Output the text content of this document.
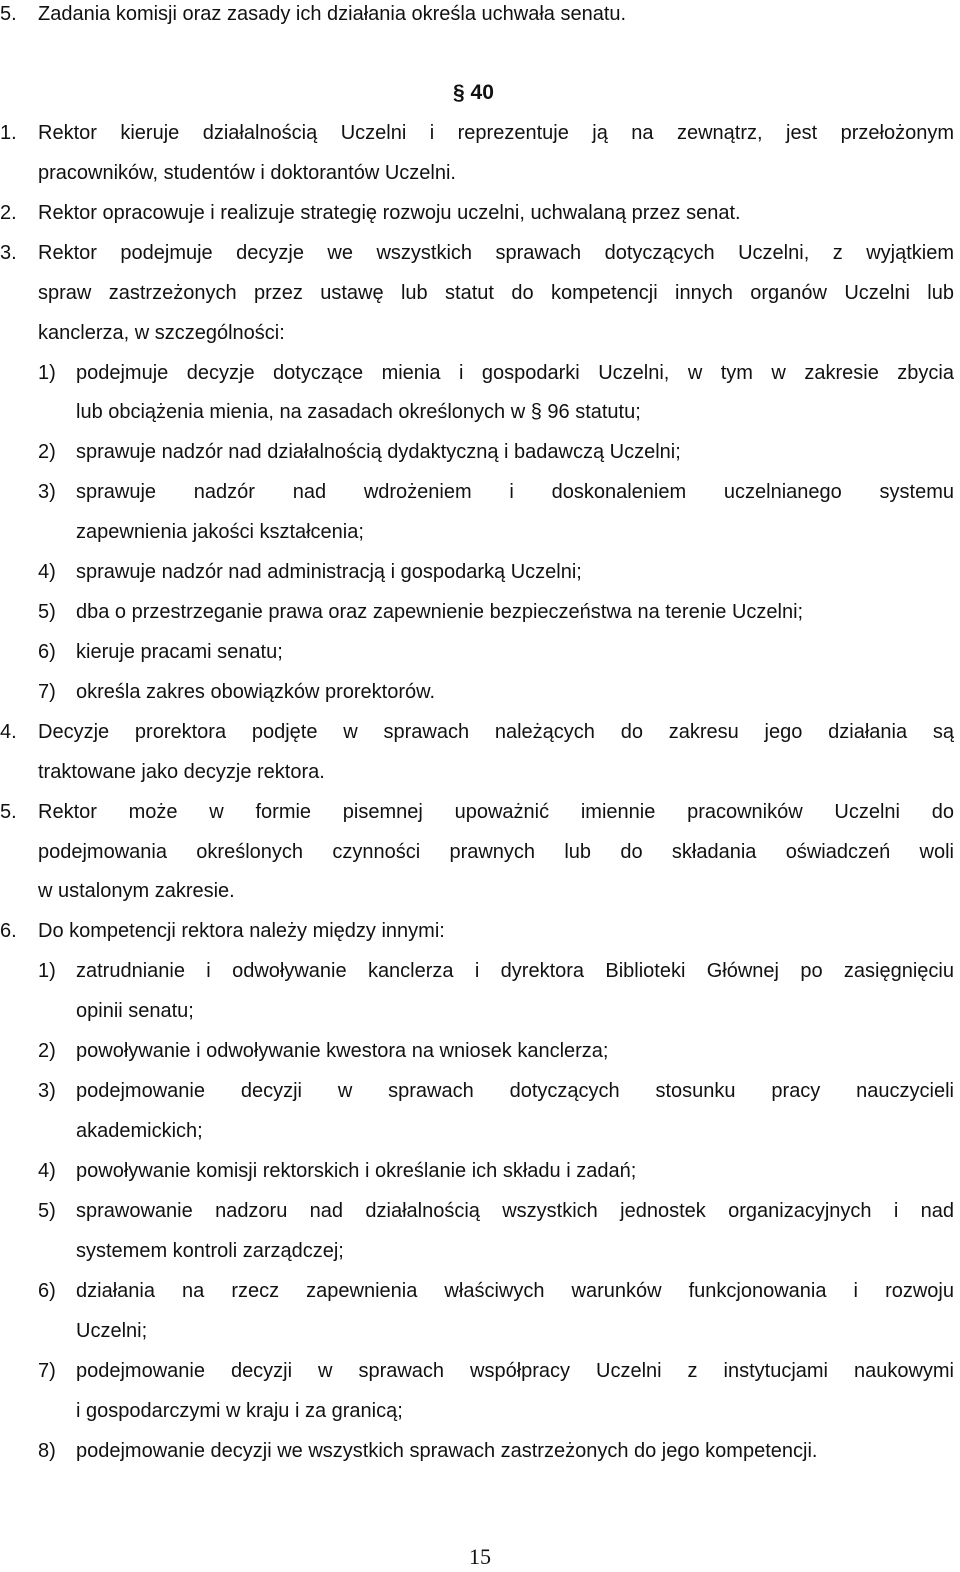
5. Zadania komisji oraz zasady ich działania określa uchwała senatu.
§ 40
1. Rektor kieruje działalnością Uczelni i reprezentuje ją na zewnątrz, jest przełożonym
pracowników, studentów i doktorantów Uczelni.
2. Rektor opracowuje i realizuje strategię rozwoju uczelni, uchwalaną przez senat.
3. Rektor podejmuje decyzje we wszystkich sprawach dotyczących Uczelni, z wyjątkiem
spraw zastrzeżonych przez ustawę lub statut do kompetencji innych organów Uczelni lub
kanclerza, w szczególności:
1) podejmuje decyzje dotyczące mienia i gospodarki Uczelni, w tym w zakresie zbycia
lub obciążenia mienia, na zasadach określonych w § 96 statutu;
2) sprawuje nadzór nad działalnością dydaktyczną i badawczą Uczelni;
3) sprawuje nadzór nad wdrożeniem i doskonaleniem uczelnianego systemu
zapewnienia jakości kształcenia;
4) sprawuje nadzór nad administracją i gospodarką Uczelni;
5) dba o przestrzeganie prawa oraz zapewnienie bezpieczeństwa na terenie Uczelni;
6) kieruje pracami senatu;
7) określa zakres obowiązków prorektorów.
4. Decyzje prorektora podjęte w sprawach należących do zakresu jego działania są
traktowane jako decyzje rektora.
5. Rektor może w formie pisemnej upoważnić imiennie pracowników Uczelni do
podejmowania określonych czynności prawnych lub do składania oświadczeń woli
w ustalonym zakresie.
6. Do kompetencji rektora należy między innymi:
1) zatrudnianie i odwoływanie kanclerza i dyrektora Biblioteki Głównej po zasięgnięciu
opinii senatu;
2) powoływanie i odwoływanie kwestora na wniosek kanclerza;
3) podejmowanie decyzji w sprawach dotyczących stosunku pracy nauczycieli
akademickich;
4) powoływanie komisji rektorskich i określanie ich składu i zadań;
5) sprawowanie nadzoru nad działalnością wszystkich jednostek organizacyjnych i nad
systemem kontroli zarządczej;
6) działania na rzecz zapewnienia właściwych warunków funkcjonowania i rozwoju
Uczelni;
7) podejmowanie decyzji w sprawach współpracy Uczelni z instytucjami naukowymi
i gospodarczymi w kraju i za granicą;
8) podejmowanie decyzji we wszystkich sprawach zastrzeżonych do jego kompetencji.
15
